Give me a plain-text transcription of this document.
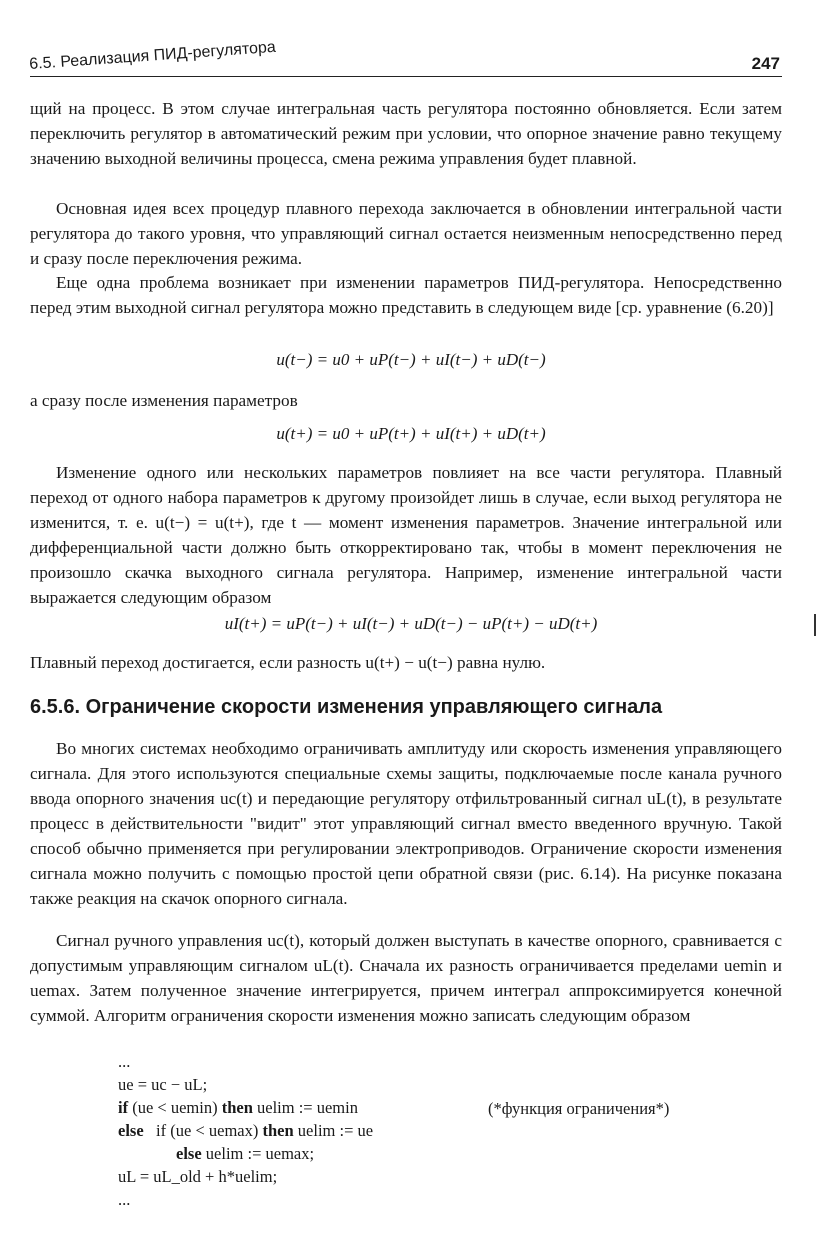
6.5. Реализация ПИД-регулятора	247
щий на процесс. В этом случае интегральная часть регулятора постоянно обновляется. Если затем переключить регулятор в автоматический режим при условии, что опорное значение равно текущему значению выходной величины процесса, смена режима управления будет плавной.
Основная идея всех процедур плавного перехода заключается в обновлении интегральной части регулятора до такого уровня, что управляющий сигнал остается неизменным непосредственно перед и сразу после переключения режима.
Еще одна проблема возникает при изменении параметров ПИД-регулятора. Непосредственно перед этим выходной сигнал регулятора можно представить в следующем виде [ср. уравнение (6.20)]
u(t−) = u0 + uP(t−) + uI(t−) + uD(t−)
а сразу после изменения параметров
u(t+) = u0 + uP(t+) + uI(t+) + uD(t+)
Изменение одного или нескольких параметров повлияет на все части регулятора. Плавный переход от одного набора параметров к другому произойдет лишь в случае, если выход регулятора не изменится, т. е. u(t−) = u(t+), где t — момент изменения параметров. Значение интегральной или дифференциальной части должно быть откорректировано так, чтобы в момент переключения не произошло скачка выходного сигнала регулятора. Например, изменение интегральной части выражается следующим образом
uI(t+) = uP(t−) + uI(t−) + uD(t−) − uP(t+) − uD(t+)
Плавный переход достигается, если разность u(t+) − u(t−) равна нулю.
6.5.6. Ограничение скорости изменения управляющего сигнала
Во многих системах необходимо ограничивать амплитуду или скорость изменения управляющего сигнала. Для этого используются специальные схемы защиты, подключаемые после канала ручного ввода опорного значения uc(t) и передающие регулятору отфильтрованный сигнал uL(t), в результате процесс в действительности "видит" этот управляющий сигнал вместо введенного вручную. Такой способ обычно применяется при регулировании электроприводов. Ограничение скорости изменения сигнала можно получить с помощью простой цепи обратной связи (рис. 6.14). На рисунке показана также реакция на скачок опорного сигнала.
Сигнал ручного управления uc(t), который должен выступать в качестве опорного, сравнивается с допустимым управляющим сигналом uL(t). Сначала их разность ограничивается пределами uemin и uemax. Затем полученное значение интегрируется, причем интеграл аппроксимируется конечной суммой. Алгоритм ограничения скорости изменения можно записать следующим образом
...
ue = uc − uL;
if (ue < uemin) then uelim := uemin	(*функция ограничения*)
else if (ue < uemax) then uelim := ue
else uelim := uemax;
uL = uL_old + h*uelim;
...
